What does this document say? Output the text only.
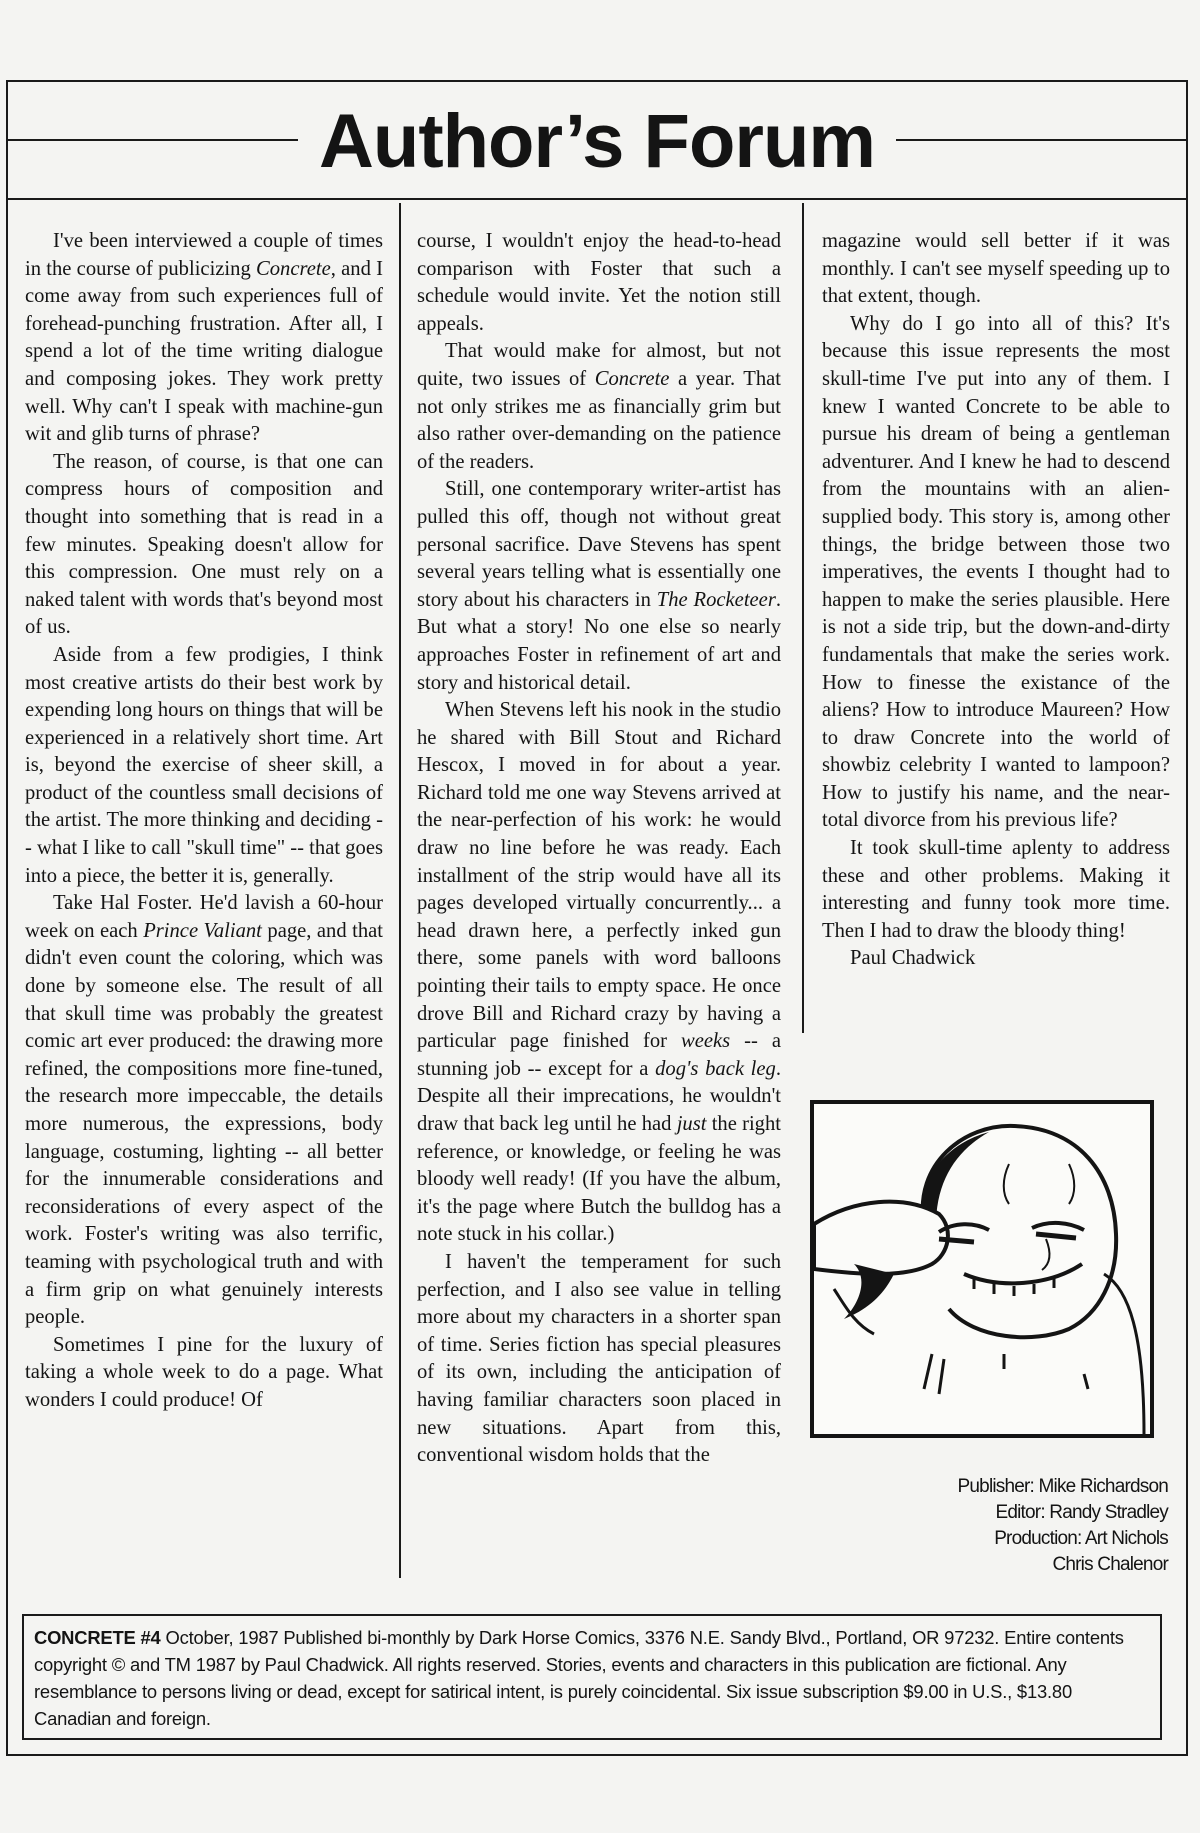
Author’s Forum

I've been interviewed a couple of times in the course of publicizing Concrete, and I come away from such experiences full of forehead-punching frustration. After all, I spend a lot of the time writing dialogue and composing jokes. They work pretty well. Why can't I speak with machine-gun wit and glib turns of phrase?

The reason, of course, is that one can compress hours of composition and thought into something that is read in a few minutes. Speaking doesn't allow for this compression. One must rely on a naked talent with words that's beyond most of us.

Aside from a few prodigies, I think most creative artists do their best work by expending long hours on things that will be experienced in a relatively short time. Art is, beyond the exercise of sheer skill, a product of the countless small decisions of the artist. The more thinking and deciding -- what I like to call "skull time" -- that goes into a piece, the better it is, generally.

Take Hal Foster. He'd lavish a 60-hour week on each Prince Valiant page, and that didn't even count the coloring, which was done by someone else. The result of all that skull time was probably the greatest comic art ever produced: the drawing more refined, the compositions more fine-tuned, the research more impeccable, the details more numerous, the expressions, body language, costuming, lighting -- all better for the innumerable considerations and reconsiderations of every aspect of the work. Foster's writing was also terrific, teaming with psychological truth and with a firm grip on what genuinely interests people.

Sometimes I pine for the luxury of taking a whole week to do a page. What wonders I could produce! Of

course, I wouldn't enjoy the head-to-head comparison with Foster that such a schedule would invite. Yet the notion still appeals.

That would make for almost, but not quite, two issues of Concrete a year. That not only strikes me as financially grim but also rather over-demanding on the patience of the readers.

Still, one contemporary writer-artist has pulled this off, though not without great personal sacrifice. Dave Stevens has spent several years telling what is essentially one story about his characters in The Rocketeer. But what a story! No one else so nearly approaches Foster in refinement of art and story and historical detail.

When Stevens left his nook in the studio he shared with Bill Stout and Richard Hescox, I moved in for about a year. Richard told me one way Stevens arrived at the near-perfection of his work: he would draw no line before he was ready. Each installment of the strip would have all its pages developed virtually concurrently... a head drawn here, a perfectly inked gun there, some panels with word balloons pointing their tails to empty space. He once drove Bill and Richard crazy by having a particular page finished for weeks -- a stunning job -- except for a dog's back leg. Despite all their imprecations, he wouldn't draw that back leg until he had just the right reference, or knowledge, or feeling he was bloody well ready! (If you have the album, it's the page where Butch the bulldog has a note stuck in his collar.)

I haven't the temperament for such perfection, and I also see value in telling more about my characters in a shorter span of time. Series fiction has special pleasures of its own, including the anticipation of having familiar characters soon placed in new situations. Apart from this, conventional wisdom holds that the

magazine would sell better if it was monthly. I can't see myself speeding up to that extent, though.

Why do I go into all of this? It's because this issue represents the most skull-time I've put into any of them. I knew I wanted Concrete to be able to pursue his dream of being a gentleman adventurer. And I knew he had to descend from the mountains with an alien-supplied body. This story is, among other things, the bridge between those two imperatives, the events I thought had to happen to make the series plausible. Here is not a side trip, but the down-and-dirty fundamentals that make the series work. How to finesse the existance of the aliens? How to introduce Maureen? How to draw Concrete into the world of showbiz celebrity I wanted to lampoon? How to justify his name, and the near-total divorce from his previous life?

It took skull-time aplenty to address these and other problems. Making it interesting and funny took more time. Then I had to draw the bloody thing!

Paul Chadwick

Publisher: Mike Richardson
Editor: Randy Stradley
Production: Art Nichols
Chris Chalenor
CONCRETE #4 October, 1987 Published bi-monthly by Dark Horse Comics, 3376 N.E. Sandy Blvd., Portland, OR 97232. Entire contents copyright © and TM 1987 by Paul Chadwick. All rights reserved. Stories, events and characters in this publication are fictional. Any resemblance to persons living or dead, except for satirical intent, is purely coincidental. Six issue subscription $9.00 in U.S., $13.80 Canadian and foreign.
